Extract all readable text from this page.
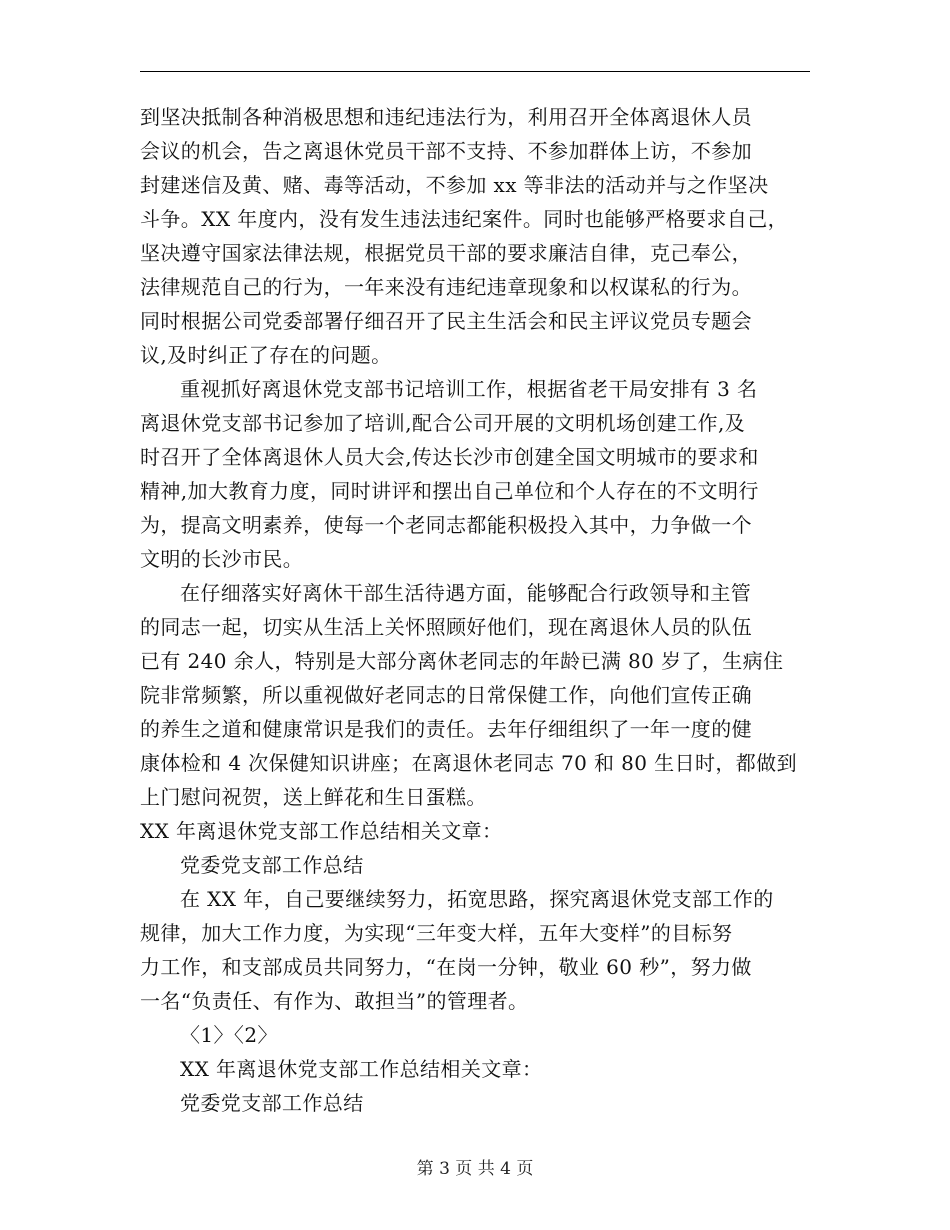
到坚决抵制各种消极思想和违纪违法行为，利用召开全体离退休人员
会议的机会，告之离退休党员干部不支持、不参加群体上访，不参加
封建迷信及黄、赌、毒等活动，不参加 xx 等非法的活动并与之作坚决
斗争。XX 年度内，没有发生违法违纪案件。同时也能够严格要求自己，
坚决遵守国家法律法规，根据党员干部的要求廉洁自律，克己奉公，
法律规范自己的行为，一年来没有违纪违章现象和以权谋私的行为。
同时根据公司党委部署仔细召开了民主生活会和民主评议党员专题会
议,及时纠正了存在的问题。
重视抓好离退休党支部书记培训工作，根据省老干局安排有 3 名
离退休党支部书记参加了培训,配合公司开展的文明机场创建工作,及
时召开了全体离退休人员大会,传达长沙市创建全国文明城市的要求和
精神,加大教育力度，同时讲评和摆出自己单位和个人存在的不文明行
为，提高文明素养，使每一个老同志都能积极投入其中，力争做一个
文明的长沙市民。
在仔细落实好离休干部生活待遇方面，能够配合行政领导和主管
的同志一起，切实从生活上关怀照顾好他们，现在离退休人员的队伍
已有 240 余人，特别是大部分离休老同志的年龄已满 80 岁了，生病住
院非常频繁，所以重视做好老同志的日常保健工作，向他们宣传正确
的养生之道和健康常识是我们的责任。去年仔细组织了一年一度的健
康体检和 4 次保健知识讲座；在离退休老同志 70 和 80 生日时，都做到
上门慰问祝贺，送上鲜花和生日蛋糕。
XX 年离退休党支部工作总结相关文章：
党委党支部工作总结
在 XX 年，自己要继续努力，拓宽思路，探究离退休党支部工作的
规律，加大工作力度，为实现“三年变大样，五年大变样”的目标努
力工作，和支部成员共同努力，“在岗一分钟，敬业 60 秒”，努力做
一名“负责任、有作为、敢担当”的管理者。
〈1〉〈2〉
XX 年离退休党支部工作总结相关文章：
党委党支部工作总结
第 3 页 共 4 页
